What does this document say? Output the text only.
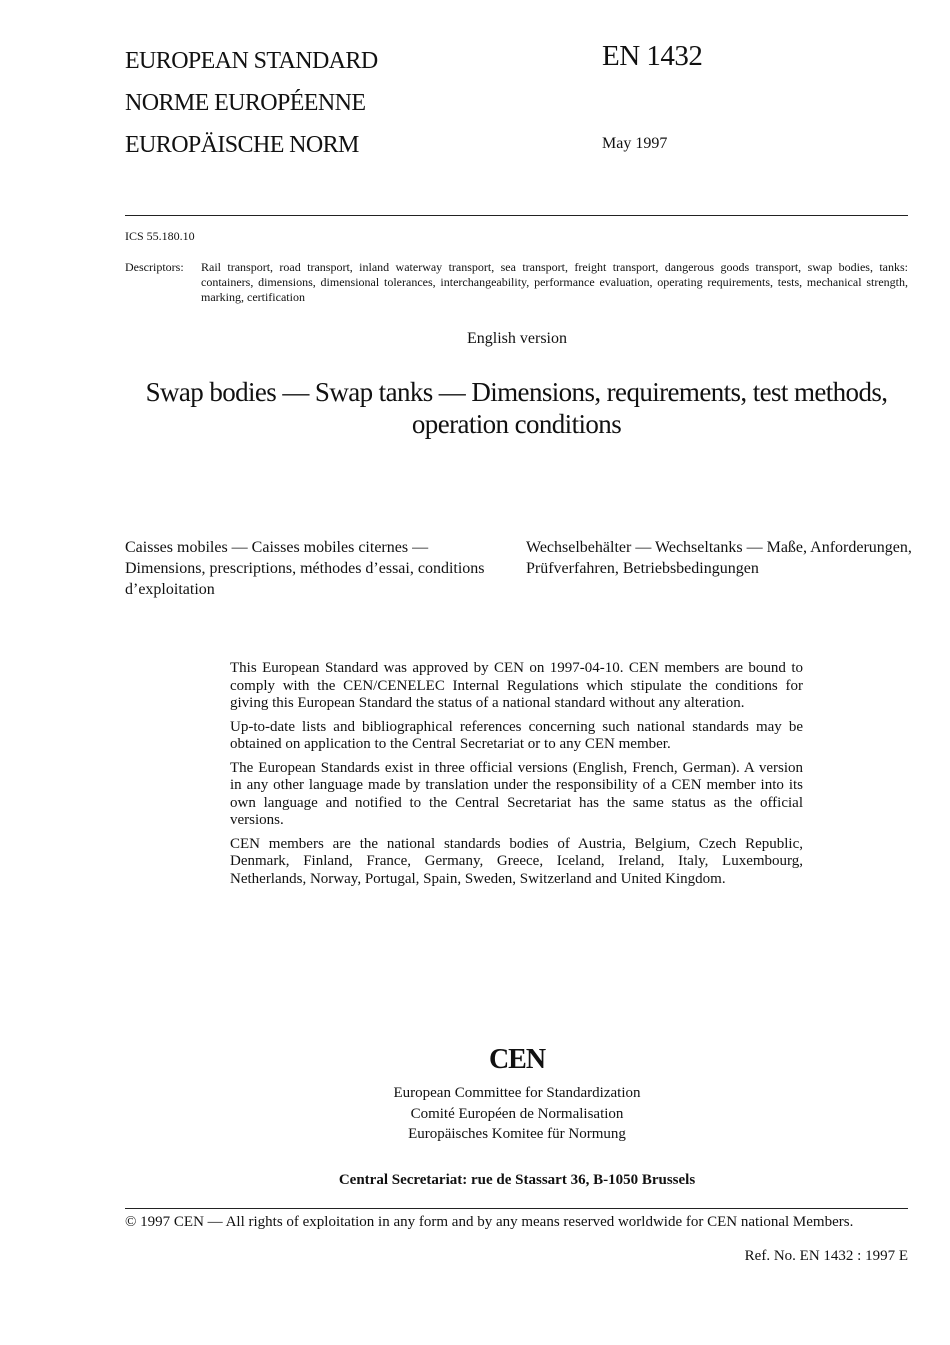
EUROPEAN STANDARD
NORME EUROPÉENNE
EUROPÄISCHE NORM
EN 1432
May 1997
ICS 55.180.10
Descriptors: Rail transport, road transport, inland waterway transport, sea transport, freight transport, dangerous goods transport, swap bodies, tanks: containers, dimensions, dimensional tolerances, interchangeability, performance evaluation, operating requirements, tests, mechanical strength, marking, certification
English version
Swap bodies — Swap tanks — Dimensions, requirements, test methods, operation conditions
Caisses mobiles — Caisses mobiles citernes — Dimensions, prescriptions, méthodes d’essai, conditions d’exploitation
Wechselbehälter — Wechseltanks — Maße, Anforderungen, Prüfverfahren, Betriebsbedingungen

This European Standard was approved by CEN on 1997-04-10. CEN members are bound to comply with the CEN/CENELEC Internal Regulations which stipulate the conditions for giving this European Standard the status of a national standard without any alteration.

Up-to-date lists and bibliographical references concerning such national standards may be obtained on application to the Central Secretariat or to any CEN member.

The European Standards exist in three official versions (English, French, German). A version in any other language made by translation under the responsibility of a CEN member into its own language and notified to the Central Secretariat has the same status as the official versions.

CEN members are the national standards bodies of Austria, Belgium, Czech Republic, Denmark, Finland, France, Germany, Greece, Iceland, Ireland, Italy, Luxembourg, Netherlands, Norway, Portugal, Spain, Sweden, Switzerland and United Kingdom.

CEN
European Committee for Standardization
Comité Européen de Normalisation
Europäisches Komitee für Normung
Central Secretariat: rue de Stassart 36, B-1050 Brussels
© 1997 CEN — All rights of exploitation in any form and by any means reserved worldwide for CEN national Members.
Ref. No. EN 1432 : 1997 E
